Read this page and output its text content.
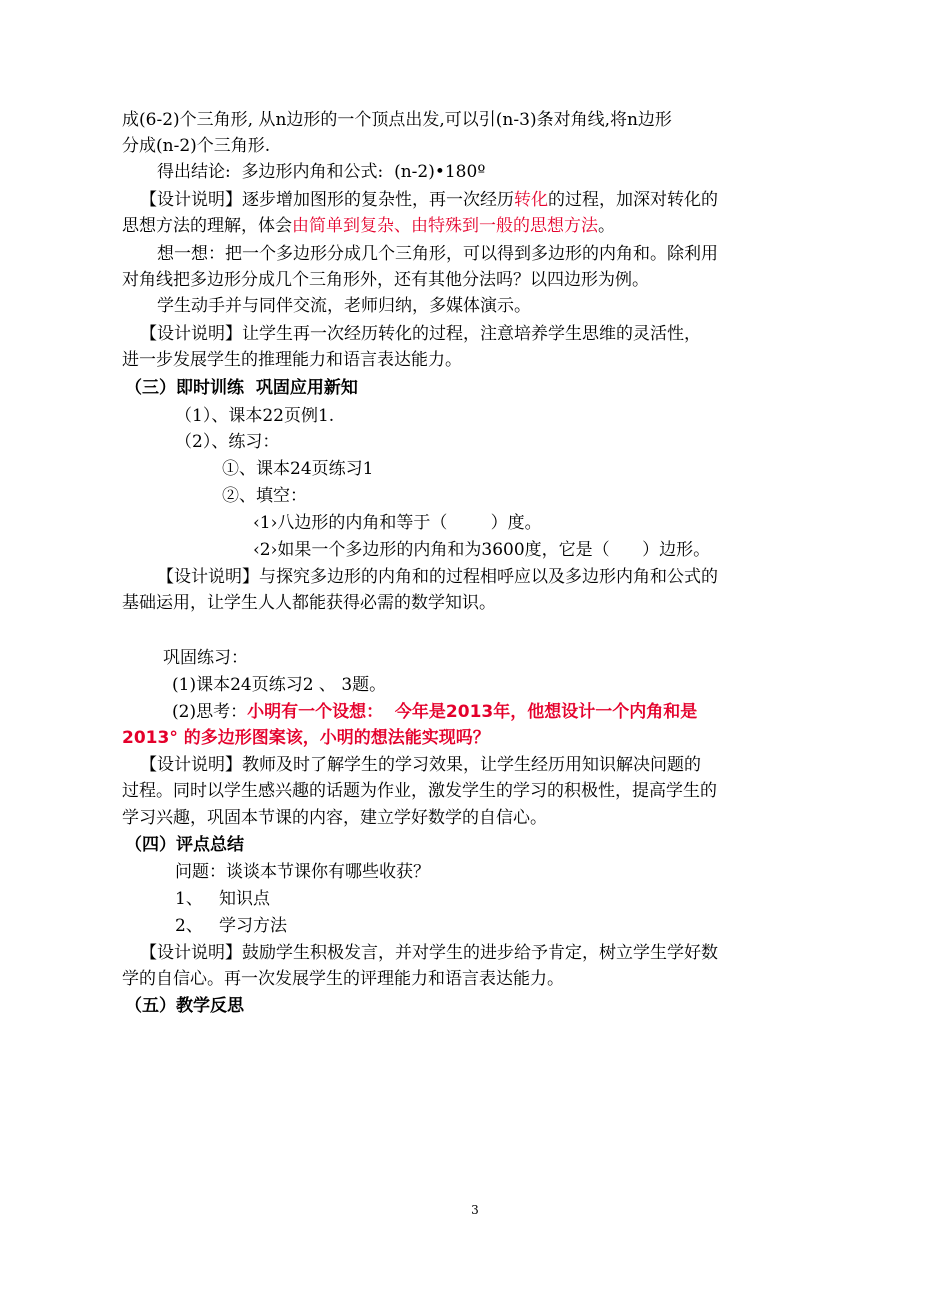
成(6-2)个三角形, 从n边形的一个顶点出发,可以引(n-3)条对角线,将n边形
分成(n-2)个三角形.
得出结论:  多边形内角和公式:  (n-2)•180º
【设计说明】逐步增加图形的复杂性，再一次经历转化的过程，加深对转化的
思想方法的理解，体会由简单到复杂、由特殊到一般的思想方法。
想一想：把一个多边形分成几个三角形，可以得到多边形的内角和。除利用
对角线把多边形分成几个三角形外，还有其他分法吗？以四边形为例。
学生动手并与同伴交流，老师归纳，多媒体演示。
【设计说明】让学生再一次经历转化的过程，注意培养学生思维的灵活性，
进一步发展学生的推理能力和语言表达能力。
（三）即时训练  巩固应用新知
（1）、课本22页例1.
（2）、练习：
①、课本24页练习1
②、填空：
‹1›八边形的内角和等于（        ）度。
‹2›如果一个多边形的内角和为3600度，它是（      ）边形。
【设计说明】与探究多边形的内角和的过程相呼应以及多边形内角和公式的
基础运用，让学生人人都能获得必需的数学知识。
巩固练习：
(1)课本24页练习2 、 3题。
(2)思考：小明有一个设想：  今年是2013年，他想设计一个内角和是
2013° 的多边形图案该，小明的想法能实现吗？
【设计说明】教师及时了解学生的学习效果，让学生经历用知识解决问题的
过程。同时以学生感兴趣的话题为作业，激发学生的学习的积极性，提高学生的
学习兴趣，巩固本节课的内容，建立学好数学的自信心。
（四）评点总结
问题：谈谈本节课你有哪些收获？
1、   知识点
2、   学习方法
【设计说明】鼓励学生积极发言，并对学生的进步给予肯定，树立学生学好数
学的自信心。再一次发展学生的评理能力和语言表达能力。
（五）教学反思
3
